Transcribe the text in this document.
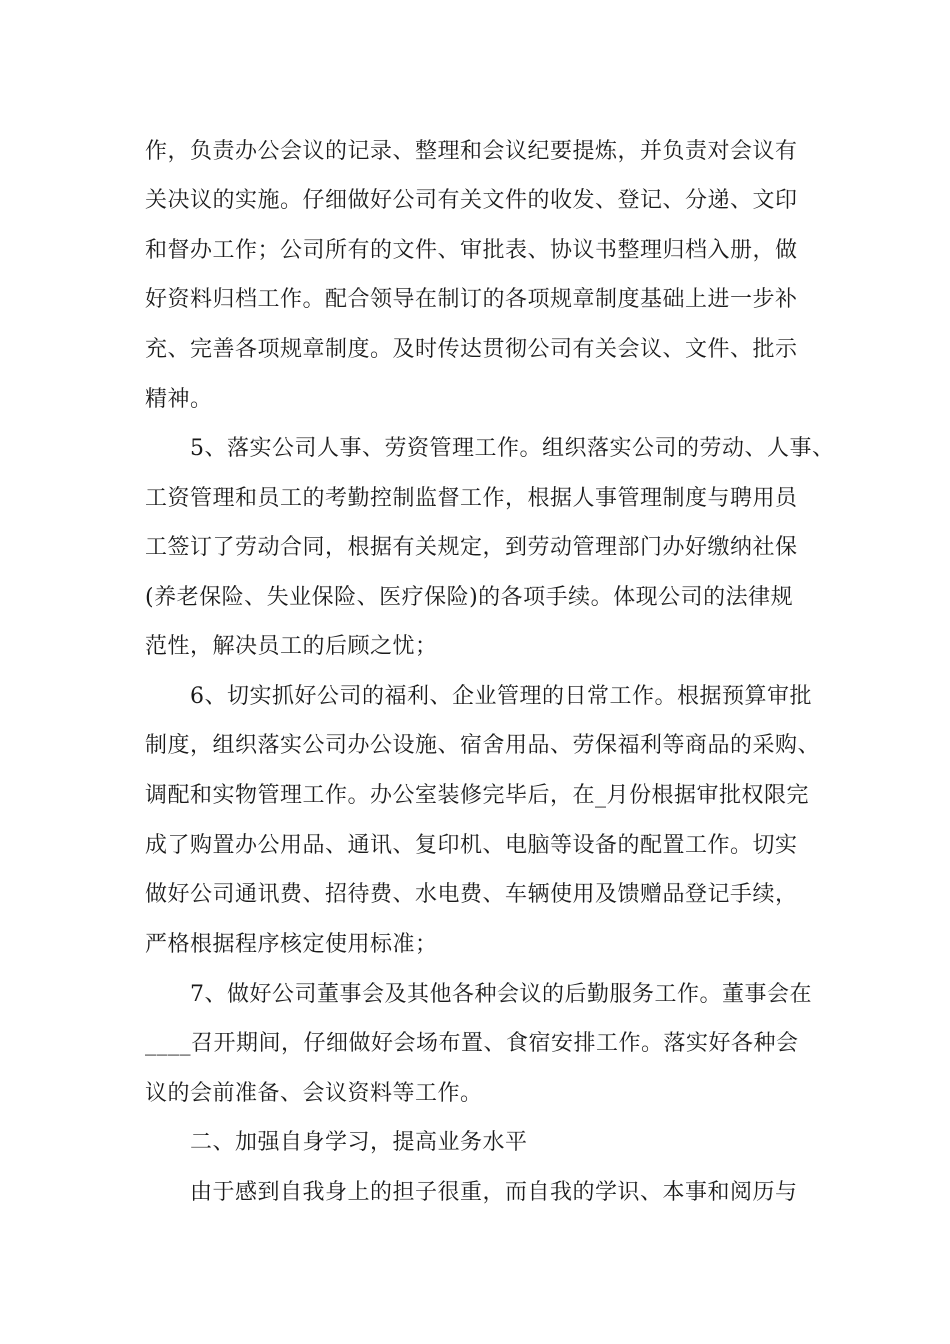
作，负责办公会议的记录、整理和会议纪要提炼，并负责对会议有
关决议的实施。仔细做好公司有关文件的收发、登记、分递、文印
和督办工作；公司所有的文件、审批表、协议书整理归档入册，做
好资料归档工作。配合领导在制订的各项规章制度基础上进一步补
充、完善各项规章制度。及时传达贯彻公司有关会议、文件、批示
精神。
5、落实公司人事、劳资管理工作。组织落实公司的劳动、人事、
工资管理和员工的考勤控制监督工作，根据人事管理制度与聘用员
工签订了劳动合同，根据有关规定，到劳动管理部门办好缴纳社保
(养老保险、失业保险、医疗保险)的各项手续。体现公司的法律规
范性，解决员工的后顾之忧；
6、切实抓好公司的福利、企业管理的日常工作。根据预算审批
制度，组织落实公司办公设施、宿舍用品、劳保福利等商品的采购、
调配和实物管理工作。办公室装修完毕后，在_月份根据审批权限完
成了购置办公用品、通讯、复印机、电脑等设备的配置工作。切实
做好公司通讯费、招待费、水电费、车辆使用及馈赠品登记手续，
严格根据程序核定使用标准；
7、做好公司董事会及其他各种会议的后勤服务工作。董事会在
____召开期间，仔细做好会场布置、食宿安排工作。落实好各种会
议的会前准备、会议资料等工作。
二、加强自身学习，提高业务水平
由于感到自我身上的担子很重，而自我的学识、本事和阅历与
